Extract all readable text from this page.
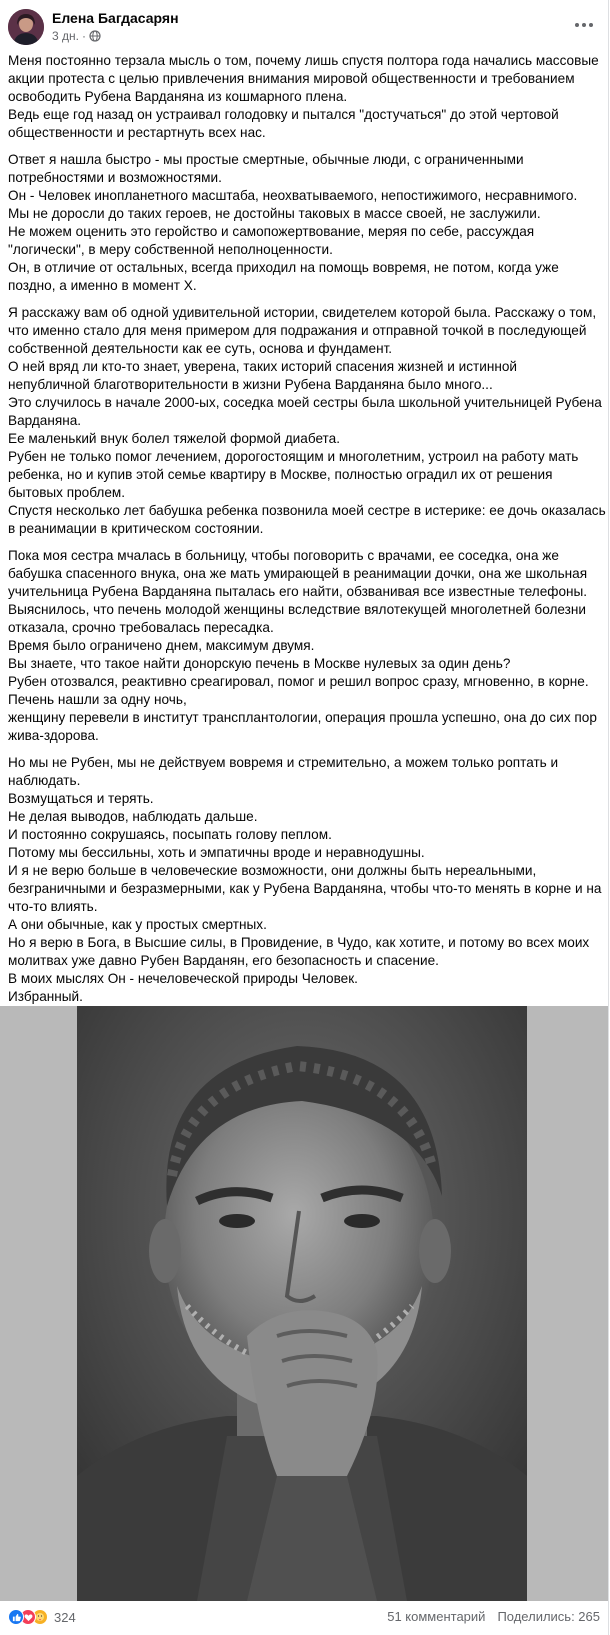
Елена Багдасарян
3 дн. ·
Меня постоянно терзала мысль о том, почему лишь спустя полтора года начались массовые
акции протеста с целью привлечения внимания мировой общественности и требованием
освободить Рубена Варданяна из кошмарного плена.
Ведь еще год назад он устраивал голодовку и пытался "достучаться" до этой чертовой
общественности и рестартнуть всех нас.
Ответ я нашла быстро - мы простые смертные, обычные люди, с ограниченными
потребностями и возможностями.
Он - Человек инопланетного масштаба, неохватываемого, непостижимого, несравнимого.
Мы не доросли до таких героев, не достойны таковых в массе своей, не заслужили.
Не можем оценить это геройство и самопожертвование, меряя по себе, рассуждая
"логически", в меру собственной неполноценности.
Он, в отличие от остальных, всегда приходил на помощь вовремя, не потом, когда уже
поздно, а именно в момент Х.
Я расскажу вам об одной удивительной истории, свидетелем которой была. Расскажу о том,
что именно стало для меня примером для подражания и отправной точкой в последующей
собственной деятельности как ее суть, основа и фундамент.
О ней вряд ли кто-то знает, уверена, таких историй спасения жизней и истинной
непубличной благотворительности в жизни Рубена Варданяна было много...
Это случилось в начале 2000-ых, соседка моей сестры была школьной учительницей Рубена
Варданяна.
Ее маленький внук болел тяжелой формой диабета.
Рубен не только помог лечением, дорогостоящим и многолетним, устроил на работу мать
ребенка, но и купив этой семье квартиру в Москве, полностью оградил их от решения
бытовых проблем.
Спустя несколько лет бабушка ребенка позвонила моей сестре в истерике: ее дочь оказалась
в реанимации в критическом состоянии.
Пока моя сестра мчалась в больницу, чтобы поговорить с врачами, ее соседка, она же
бабушка спасенного внука, она же мать умирающей в реанимации дочки, она же школьная
учительница Рубена Варданяна пыталась его найти, обзванивая все известные телефоны.
Выяснилось, что печень молодой женщины вследствие вялотекущей многолетней болезни
отказала, срочно требовалась пересадка.
Время было ограничено днем, максимум двумя.
Вы знаете, что такое найти донорскую печень в Москве нулевых за один день?
Рубен отозвался, реактивно среагировал, помог и решил вопрос сразу, мгновенно, в корне.
Печень нашли за одну ночь,
женщину перевели в институт трансплантологии, операция прошла успешно, она до сих пор
жива-здорова.
Но мы не Рубен, мы не действуем вовремя и стремительно, а можем только роптать и
наблюдать.
Возмущаться и терять.
Не делая выводов, наблюдать дальше.
И постоянно сокрушаясь, посыпать голову пеплом.
Потому мы бессильны, хоть и эмпатичны вроде и неравнодушны.
И я не верю больше в человеческие возможности, они должны быть нереальными,
безграничными и безразмерными, как у Рубена Варданяна, чтобы что-то менять в корне и на
что-то влиять.
А они обычные, как у простых смертных.
Но я верю в Бога, в Высшие силы, в Провидение, в Чудо, как хотите, и потому во всех моих
молитвах уже давно Рубен Варданян, его безопасность и спасение.
В моих мыслях Он - нечеловеческой природы Человек.
Избранный.
324	51 комментарий Поделились: 265
